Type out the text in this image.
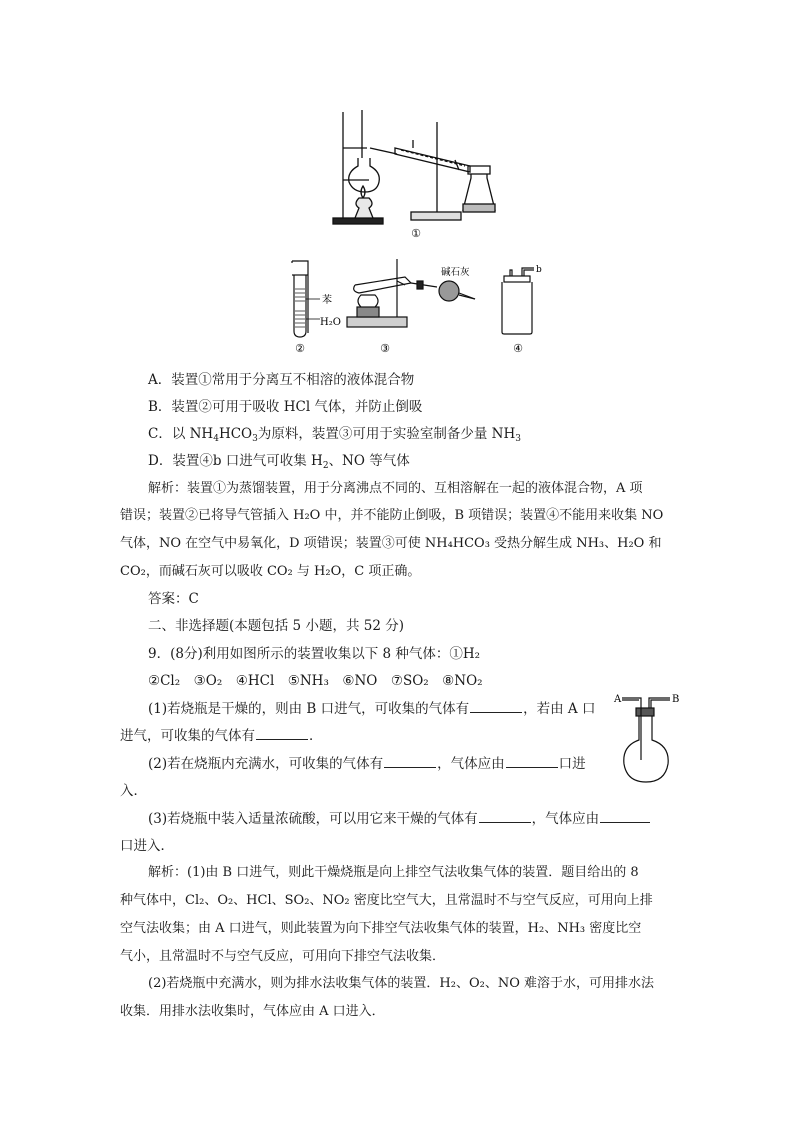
①
苯
H₂O
②
碱石灰
③
b
④
A．装置①常用于分离互不相溶的液体混合物
B．装置②可用于吸收 HCl 气体，并防止倒吸
C．以 $NH_4HCO_3$为原料，装置③可用于实验室制备少量 $NH_3$
D．装置④b 口进气可收集 $H_2$、NO 等气体
解析：装置①为蒸馏装置，用于分离沸点不同的、互相溶解在一起的液体混合物，A 项
错误；装置②已将导气管插入 H₂O 中，并不能防止倒吸，B 项错误；装置④不能用来收集 NO
气体，NO 在空气中易氧化，D 项错误；装置③可使 NH₄HCO₃ 受热分解生成 NH₃、H₂O 和
CO₂，而碱石灰可以吸收 CO₂ 与 H₂O，C 项正确。
答案：C
二、非选择题(本题包括 5 小题，共 52 分)
9．(8分)利用如图所示的装置收集以下 8 种气体：①H₂
②Cl₂　③O₂　④HCl　⑤NH₃　⑥NO　⑦SO₂　⑧NO₂
(1)若烧瓶是干燥的，则由 B 口进气，可收集的气体有	，若由 A 口
进气，可收集的气体有	．
(2)若在烧瓶内充满水，可收集的气体有	，气体应由	口进
入．
(3)若烧瓶中装入适量浓硫酸，可以用它来干燥的气体有	，气体应由
口进入．
A	B
解析：(1)由 B 口进气，则此干燥烧瓶是向上排空气法收集气体的装置．题目给出的 8
种气体中，Cl₂、O₂、HCl、SO₂、NO₂ 密度比空气大，且常温时不与空气反应，可用向上排
空气法收集；由 A 口进气，则此装置为向下排空气法收集气体的装置，H₂、NH₃ 密度比空
气小，且常温时不与空气反应，可用向下排空气法收集．
(2)若烧瓶中充满水，则为排水法收集气体的装置．H₂、O₂、NO 难溶于水，可用排水法
收集．用排水法收集时，气体应由 A 口进入．
